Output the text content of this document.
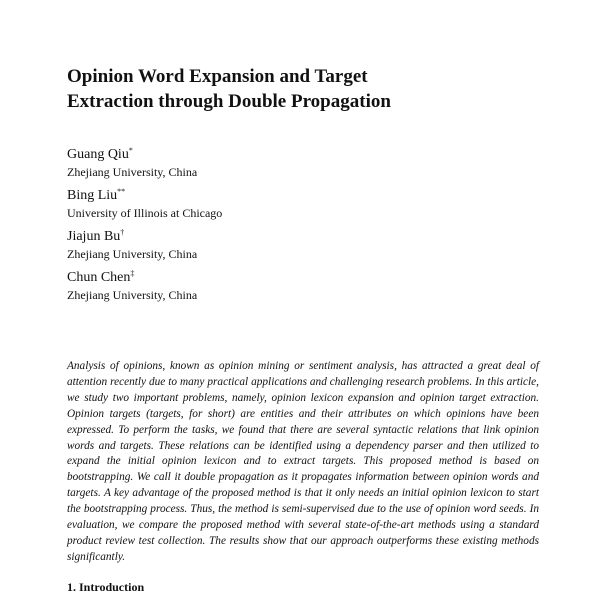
Opinion Word Expansion and Target
Extraction through Double Propagation
Guang Qiu*
Zhejiang University, China
Bing Liu**
University of Illinois at Chicago
Jiajun Bu†
Zhejiang University, China
Chun Chen‡
Zhejiang University, China

Analysis of opinions, known as opinion mining or sentiment analysis, has attracted a great deal of attention recently due to many practical applications and challenging research problems. In this article, we study two important problems, namely, opinion lexicon expansion and opinion target extraction. Opinion targets (targets, for short) are entities and their attributes on which opinions have been expressed. To perform the tasks, we found that there are several syntactic relations that link opinion words and targets. These relations can be identified using a dependency parser and then utilized to expand the initial opinion lexicon and to extract targets. This proposed method is based on bootstrapping. We call it double propagation as it propagates information between opinion words and targets. A key advantage of the proposed method is that it only needs an initial opinion lexicon to start the bootstrapping process. Thus, the method is semi-supervised due to the use of opinion word seeds. In evaluation, we compare the proposed method with several state-of-the-art methods using a standard product review test collection. The results show that our approach outperforms these existing methods significantly.

1. Introduction
